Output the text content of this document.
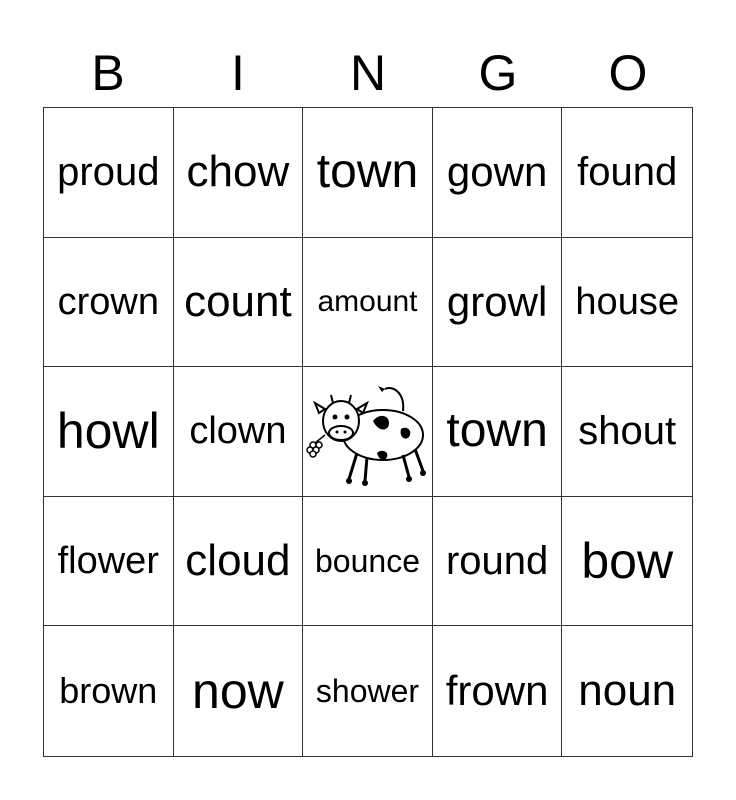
B	I	N	G	O
proud chow town gown found
crown count amount growl house
howl clown	town shout
flower cloud bounce round bow
brown now	shower frown noun
